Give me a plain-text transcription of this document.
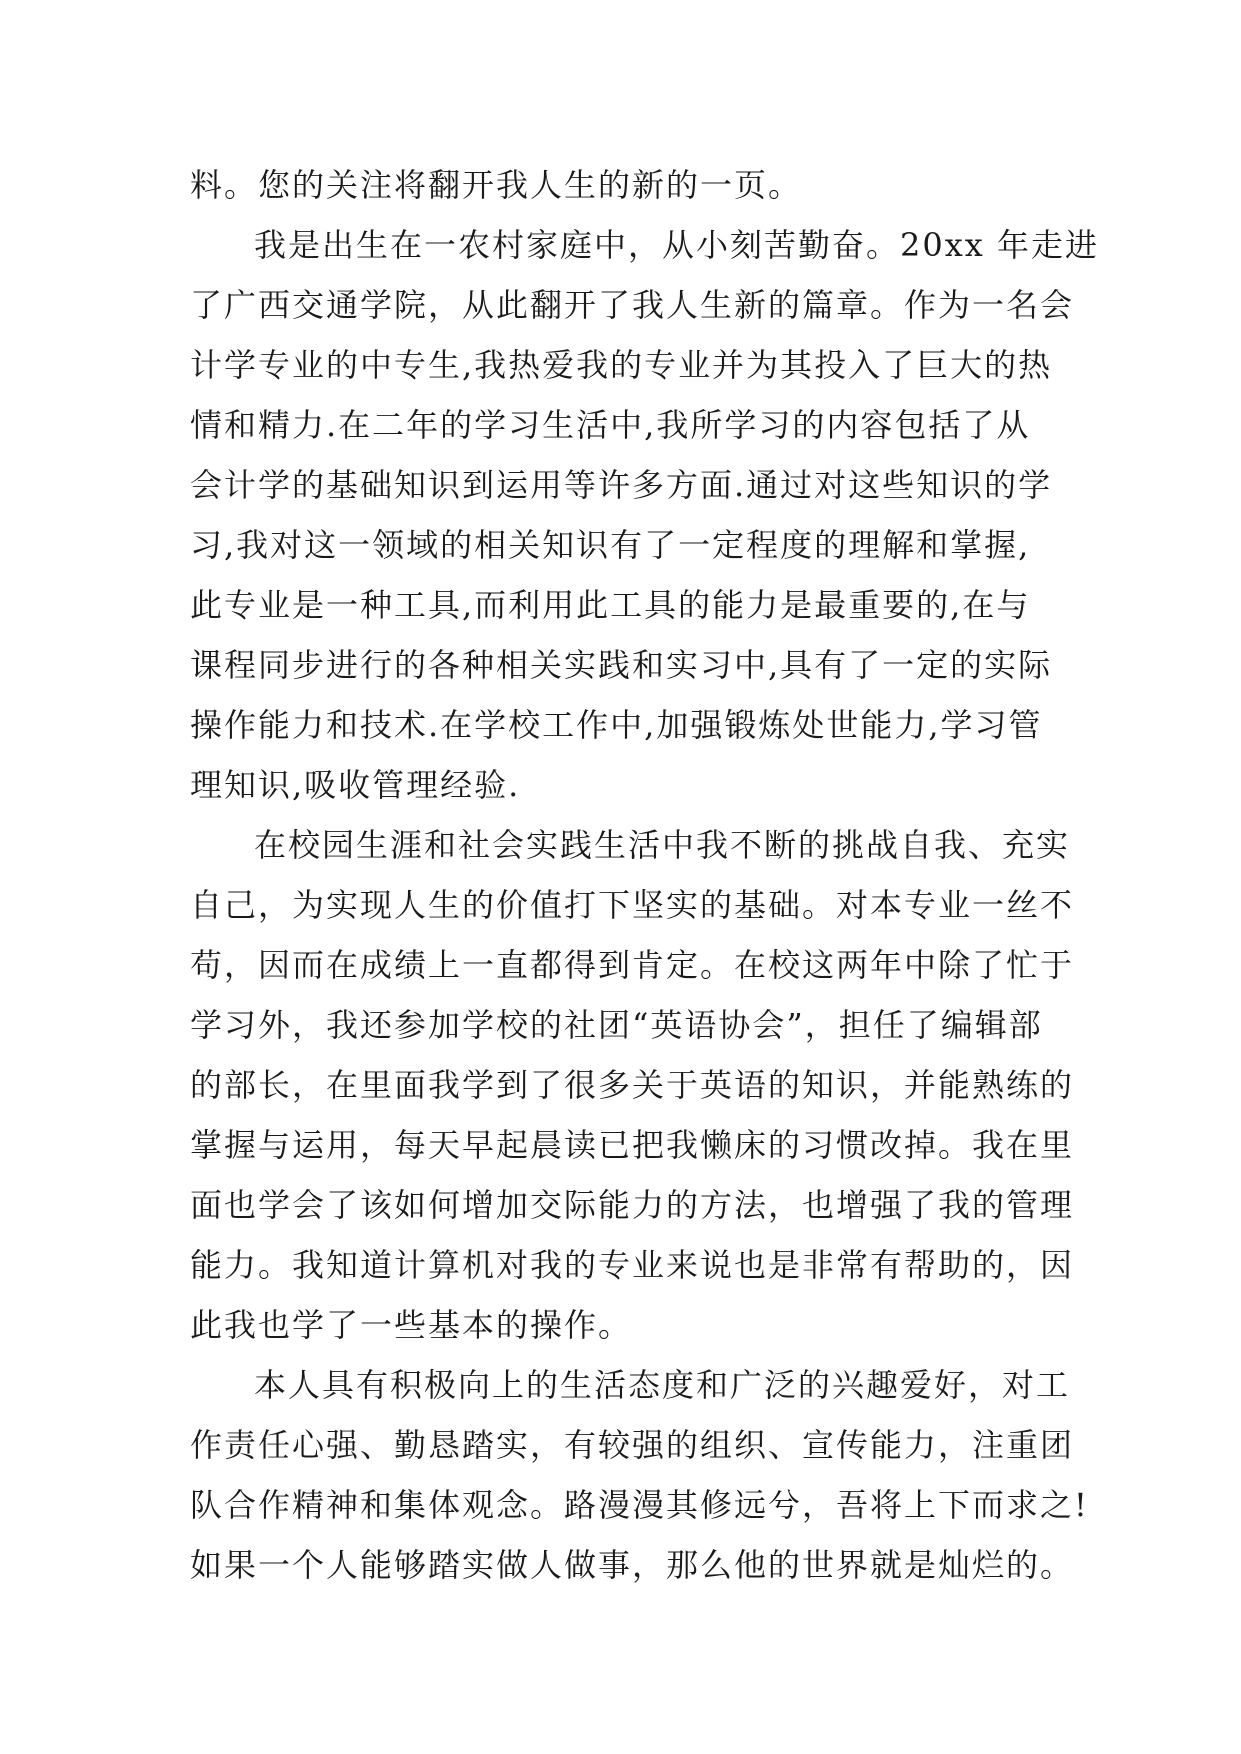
料。您的关注将翻开我人生的新的一页。
我是出生在一农村家庭中，从小刻苦勤奋。20xx 年走进
了广西交通学院，从此翻开了我人生新的篇章。作为一名会
计学专业的中专生,我热爱我的专业并为其投入了巨大的热
情和精力.在二年的学习生活中,我所学习的内容包括了从
会计学的基础知识到运用等许多方面.通过对这些知识的学
习,我对这一领域的相关知识有了一定程度的理解和掌握,
此专业是一种工具,而利用此工具的能力是最重要的,在与
课程同步进行的各种相关实践和实习中,具有了一定的实际
操作能力和技术.在学校工作中,加强锻炼处世能力,学习管
理知识,吸收管理经验.
在校园生涯和社会实践生活中我不断的挑战自我、充实
自己，为实现人生的价值打下坚实的基础。对本专业一丝不
苟，因而在成绩上一直都得到肯定。在校这两年中除了忙于
学习外，我还参加学校的社团“英语协会”，担任了编辑部
的部长，在里面我学到了很多关于英语的知识，并能熟练的
掌握与运用，每天早起晨读已把我懒床的习惯改掉。我在里
面也学会了该如何增加交际能力的方法，也增强了我的管理
能力。我知道计算机对我的专业来说也是非常有帮助的，因
此我也学了一些基本的操作。
本人具有积极向上的生活态度和广泛的兴趣爱好，对工
作责任心强、勤恳踏实，有较强的组织、宣传能力，注重团
队合作精神和集体观念。路漫漫其修远兮，吾将上下而求之!
如果一个人能够踏实做人做事，那么他的世界就是灿烂的。
